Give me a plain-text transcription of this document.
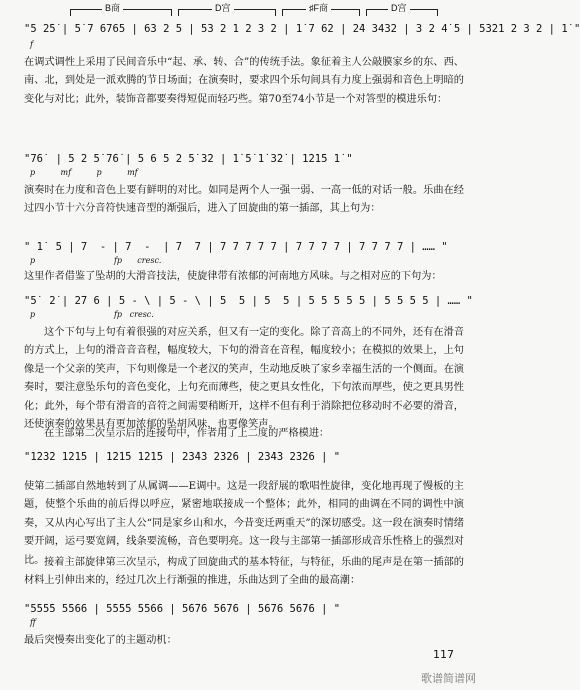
B商	D宫	♯F商	D宫
"5 2̇5̇ | 5̇ 7 6765 | 6̇3 2 5 | 5̇3 2 1 2 3 2 | 1̇ 7 6̇2 | 2̇4 3432 | 3 2 4̇ 5 | 5̇3̇2̇1 2 3 2 | 1̇ "
f
在调式调性上采用了民间音乐中“起、承、转、合”的传统手法。象征着主人公敲膜家乡的东、西、南、北，到处是一派欢腾的节日场面；在演奏时，要求四个乐句间具有力度上强弱和音色上明暗的变化与对比；此外，装饰音都要奏得短促而轻巧些。第70至74小节是一个对答型的模进乐句：
"7̇6̇  | 5 2 5̇ 7̇6̇ | 5 6 5 2 5̇ 3̇2 | 1̇ 5̇ 1̇ 3̇2̇ | 1̇2̇1̇5 1̇ "
p          mf          p          mf
演奏时在力度和音色上要有鲜明的对比。如同是两个人一强一弱、一高一低的对话一般。乐曲在经过四小节十六分音符快速音型的渐强后，进入了回旋曲的第一插部，其上句为：
" 1̇  5 | 7  - | 7  -  | 7  7 | 7 7 7 7 7 | 7 7 7 7 | 7 7 7 7 | …… "
p                               fp      cresc.
这里作者借鉴了坠胡的大滑音技法，使旋律带有浓郁的河南地方风味。与之相对应的下句为：
"5̇  2̇ | 2̇7 6 | 5 - \ | 5 - \ | 5  5 | 5  5 | 5 5 5 5 5 | 5 5 5 5 | …… "
p                               fp   cresc.
这个下句与上句有着很强的对应关系，但又有一定的变化。除了音高上的不同外，还有在滑音的方式上，上句的滑音音音程，幅度较大，下句的滑音在音程，幅度较小；在模拟的效果上，上句像是一个父亲的笑声，下句则像是一个老汉的笑声，生动地反映了家乡幸福生活的一个侧面。在演奏时，要注意坠乐句的音色变化，上句充而薄些，使之更具女性化，下句浓而厚些，使之更具男性化；此外，每个带有滑音的音符之间需要稍断开，这样不但有利于消除把位移动时不必要的滑音，还使演奏的效果具有更加浓郁的坠胡风味，也更像笑声。
在主部第二次呈示后的连接句中，作者用了上二度的严格模进：
"1̇2̇3̇2 1̇2̇1̇5 | 1̇2̇1̇5 1̇2̇1̇5 | 2̇3̇4̇3 2̇3̇2̇6 | 2̇3̇4̇3 2̇3̇2̇6 | "
使第二插部自然地转到了从属调——E调中。这是一段舒展的歌唱性旋律，变化地再现了慢板的主题，使整个乐曲的前后得以呼应，紧密地联接成一个整体；此外，相同的曲调在不同的调性中演奏，又从内心写出了主人公“同是家乡山和水，今昔变迁两重天”的深切感受。这一段在演奏时情绪要开阔，运弓要宽阔，线条要流畅，音色要明亮。这一段与主部第一插部形成音乐性格上的强烈对比。 接着主部旋律第三次呈示，构成了回旋曲式的基本特征，与特征，乐曲的尾声是在第一插部的材料上引伸出来的，经过几次上行渐强的推进，乐曲达到了全曲的最高潮：
"5̇5̇5̇5 5̇5̇6̇6 | 5̇5̇5̇5 5̇5̇6̇6 | 5̇6̇7̇6 5̇6̇7̇6 | 5̇6̇7̇6 5̇6̇7̇6 | "
ff
最后突慢奏出变化了的主题动机：
117
歌谱简谱网
